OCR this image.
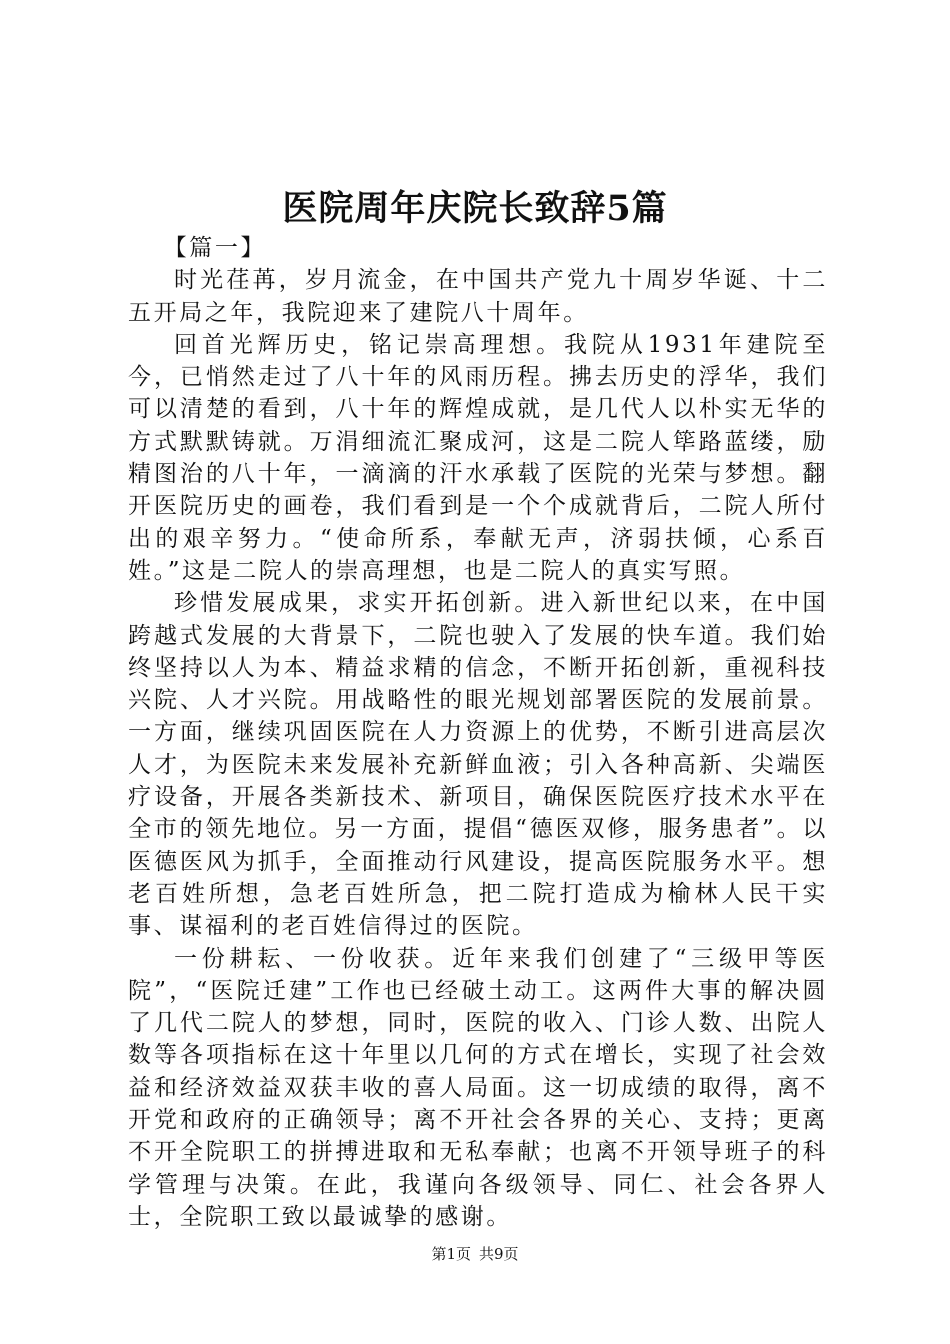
医院周年庆院长致辞5篇

【篇一】

时光荏苒，岁月流金，在中国共产党九十周岁华诞、十二五开局之年，我院迎来了建院八十周年。

回首光辉历史，铭记崇高理想。我院从1931年建院至今，已悄然走过了八十年的风雨历程。拂去历史的浮华，我们可以清楚的看到，八十年的辉煌成就，是几代人以朴实无华的方式默默铸就。万涓细流汇聚成河，这是二院人筚路蓝缕，励精图治的八十年，一滴滴的汗水承载了医院的光荣与梦想。翻开医院历史的画卷，我们看到是一个个成就背后，二院人所付出的艰辛努力。“使命所系，奉献无声，济弱扶倾，心系百姓。”这是二院人的崇高理想，也是二院人的真实写照。

珍惜发展成果，求实开拓创新。进入新世纪以来，在中国跨越式发展的大背景下，二院也驶入了发展的快车道。我们始终坚持以人为本、精益求精的信念，不断开拓创新，重视科技兴院、人才兴院。用战略性的眼光规划部署医院的发展前景。一方面，继续巩固医院在人力资源上的优势，不断引进高层次人才，为医院未来发展补充新鲜血液；引入各种高新、尖端医疗设备，开展各类新技术、新项目，确保医院医疗技术水平在全市的领先地位。另一方面，提倡“德医双修，服务患者”。以医德医风为抓手，全面推动行风建设，提高医院服务水平。想老百姓所想，急老百姓所急，把二院打造成为榆林人民干实事、谋福利的老百姓信得过的医院。

一份耕耘、一份收获。近年来我们创建了“三级甲等医院”，“医院迁建”工作也已经破土动工。这两件大事的解决圆了几代二院人的梦想，同时，医院的收入、门诊人数、出院人数等各项指标在这十年里以几何的方式在增长，实现了社会效益和经济效益双获丰收的喜人局面。这一切成绩的取得，离不开党和政府的正确领导；离不开社会各界的关心、支持；更离不开全院职工的拼搏进取和无私奉献；也离不开领导班子的科学管理与决策。在此，我谨向各级领导、同仁、社会各界人士，全院职工致以最诚挚的感谢。

第1页 共9页
